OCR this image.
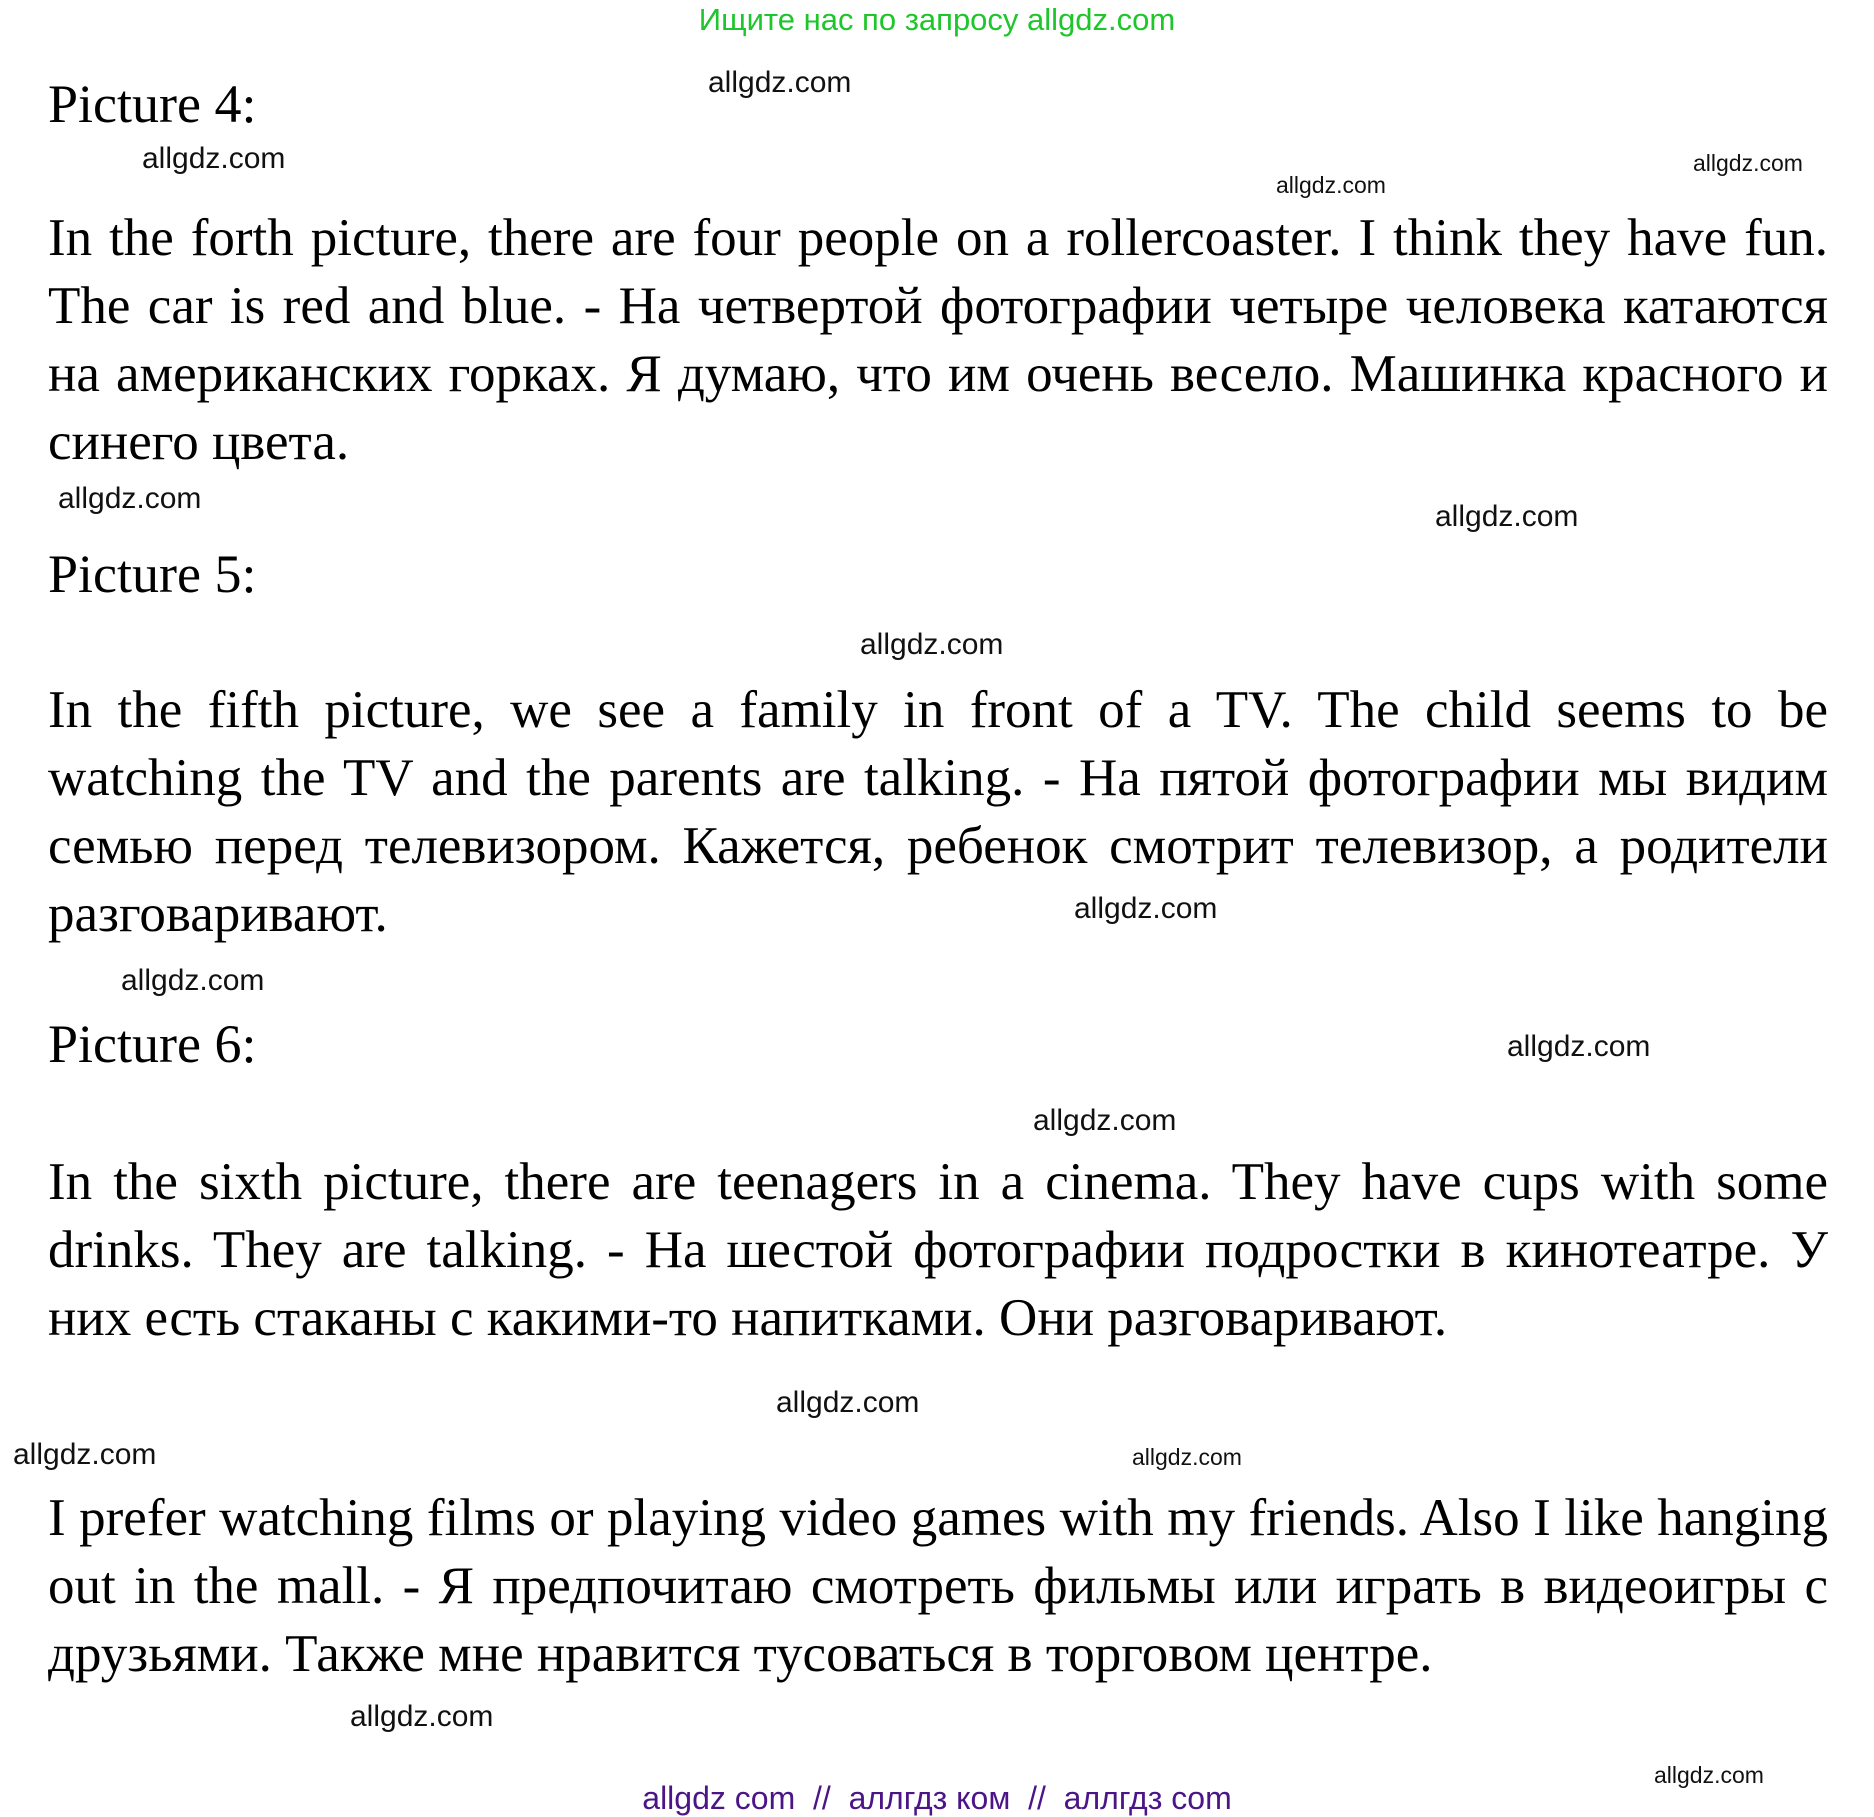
Ищите нас по запросу allgdz.com
Picture 4:

In the forth picture, there are four people on a rollercoaster. I think they have fun. The car is red and blue. - На четвертой фотографии четыре человека катаются на американских горках. Я думаю, что им очень весело. Машинка красного и синего цвета.

Picture 5:

In the fifth picture, we see a family in front of a TV. The child seems to be watching the TV and the parents are talking. - На пятой фотографии мы видим семью перед телевизором. Кажется, ребенок смотрит телевизор, а родители разговаривают.

Picture 6:

In the sixth picture, there are teenagers in a cinema. They have cups with some drinks. They are talking. - На шестой фотографии подростки в кинотеатре. У них есть стаканы с какими-то напитками. Они разговаривают.

I prefer watching films or playing video games with my friends. Also I like hanging out in the mall. - Я предпочитаю смотреть фильмы или играть в видеоигры с друзьями. Также мне нравится тусоваться в торговом центре.

allgdz.com
allgdz.com
allgdz.com
allgdz.com
allgdz.com
allgdz.com
allgdz.com
allgdz.com
allgdz.com
allgdz.com
allgdz.com
allgdz.com
allgdz.com	allgdz.com
allgdz.com
allgdz.com
allgdz com  //  аллгдз ком  //  аллгдз com
